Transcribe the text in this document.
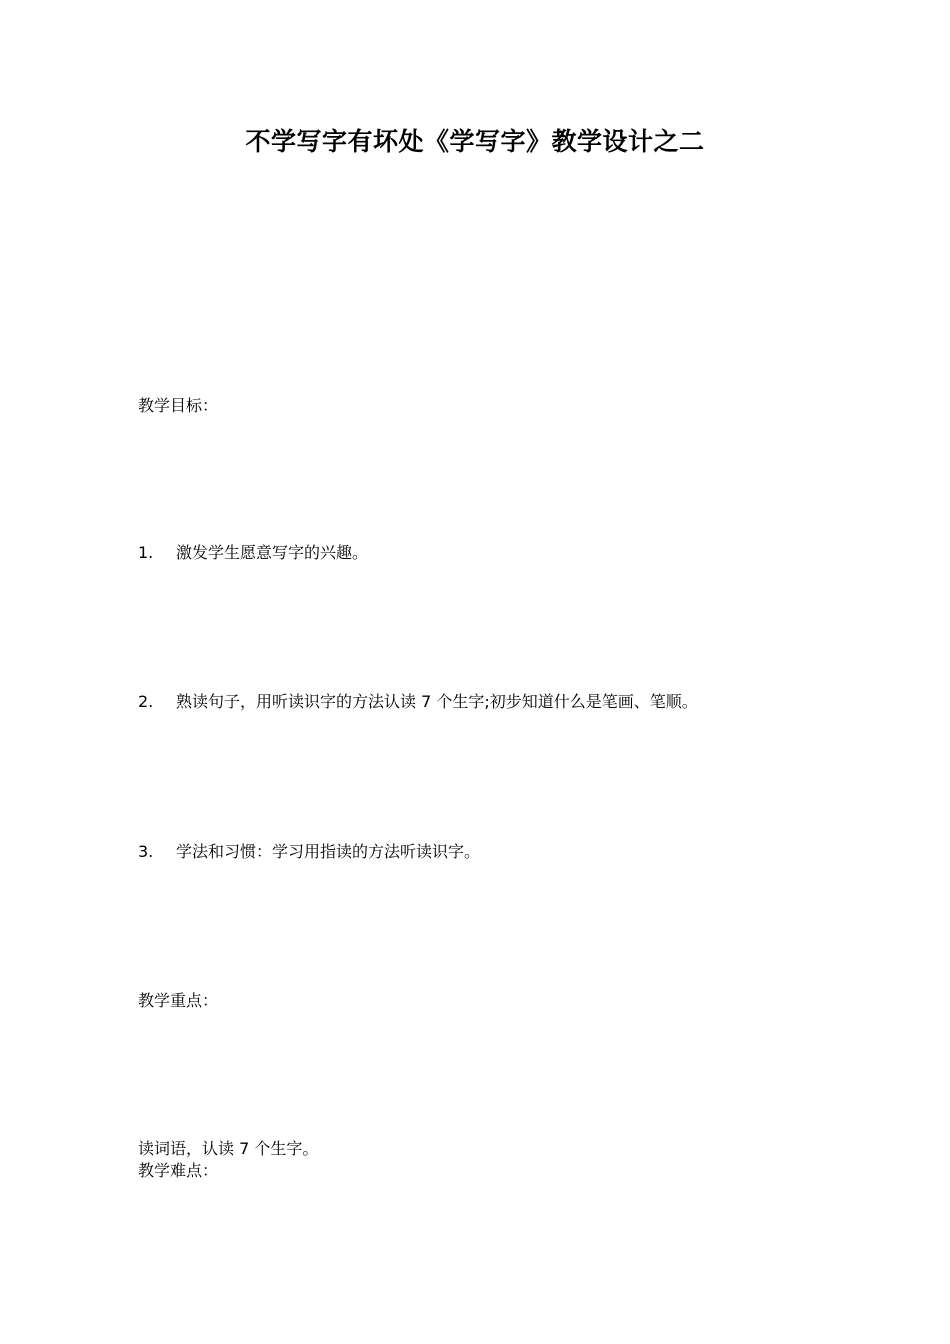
不学写字有坏处《学写字》教学设计之二
教学目标：
1. 激发学生愿意写字的兴趣。
2. 熟读句子，用听读识字的方法认读 7 个生字;初步知道什么是笔画、笔顺。
3. 学法和习惯：学习用指读的方法听读识字。
教学重点：
读词语，认读 7 个生字。
教学难点：
